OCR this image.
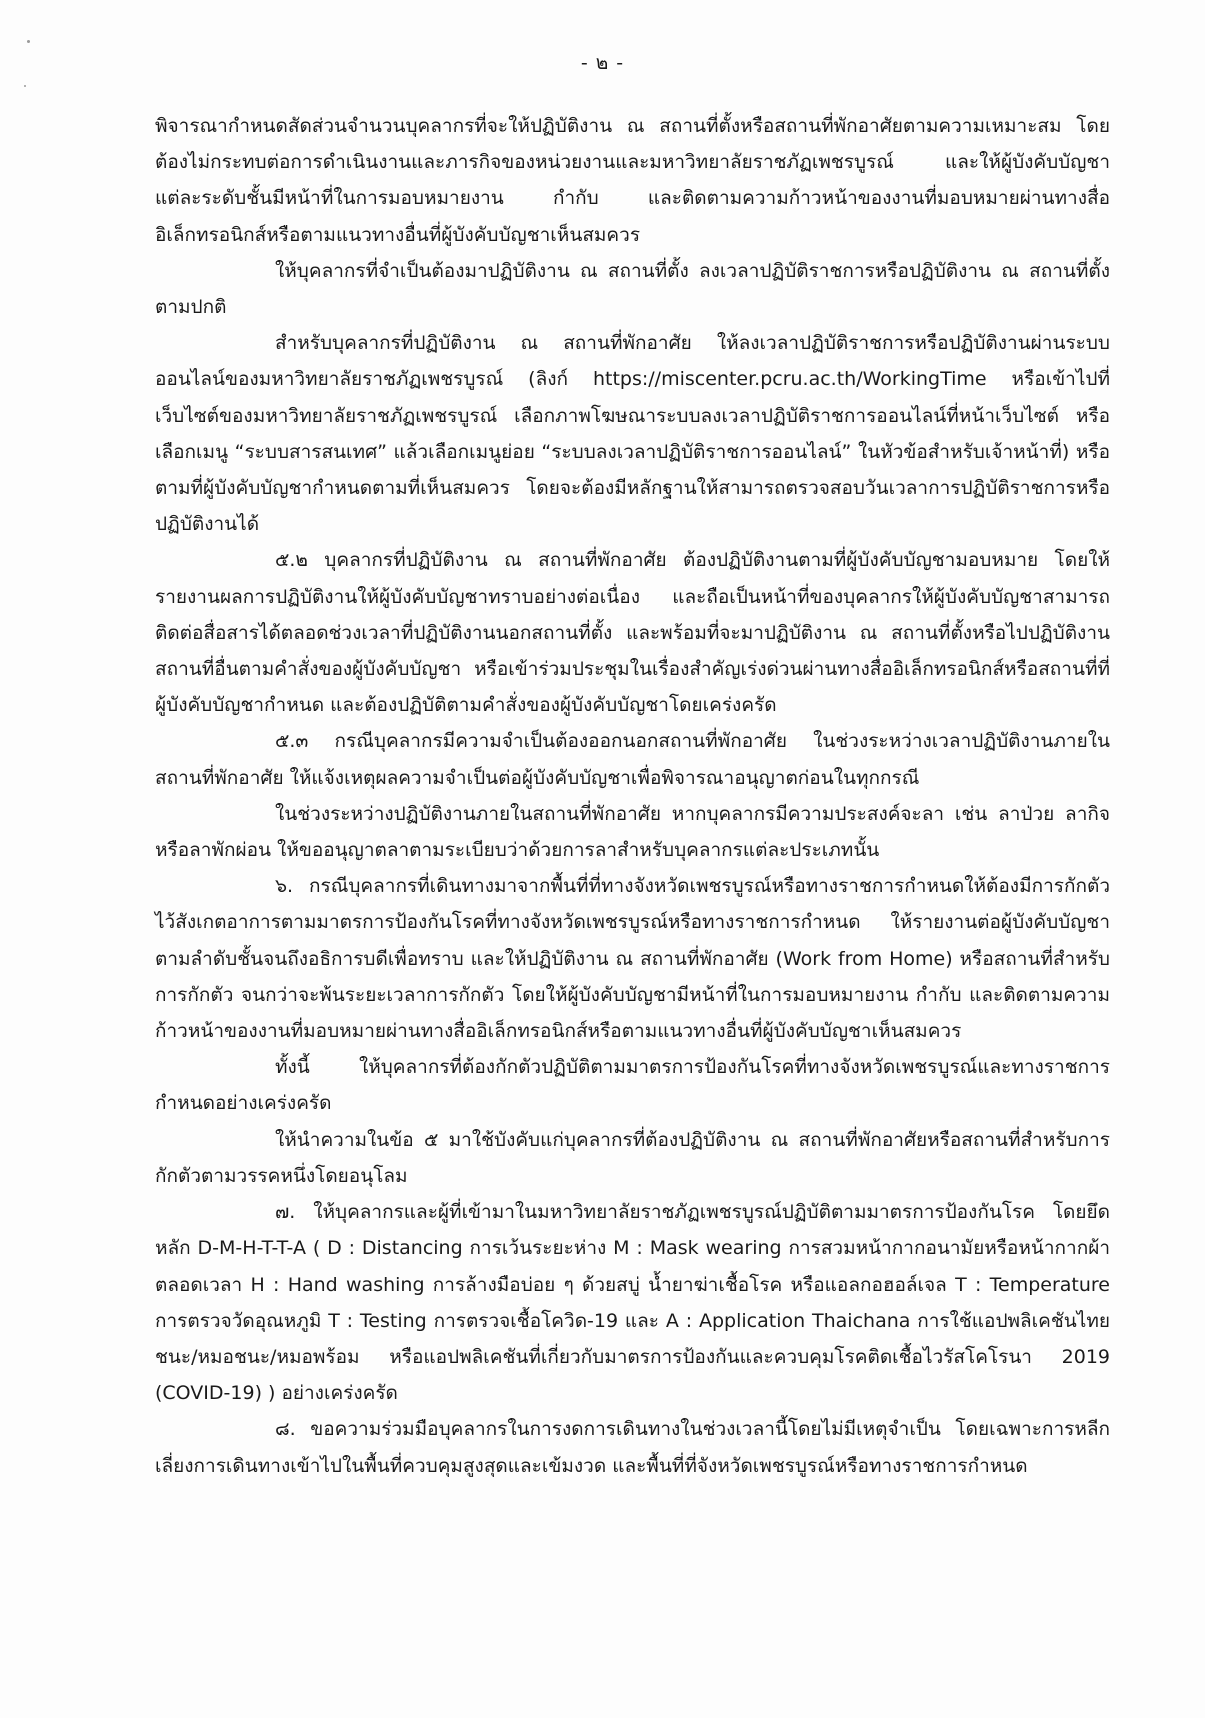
- ๒ -

พิจารณากำหนดสัดส่วนจำนวนบุคลากรที่จะให้ปฏิบัติงาน ณ สถานที่ตั้งหรือสถานที่พักอาศัยตามความเหมาะสม โดยต้องไม่กระทบต่อการดำเนินงานและภารกิจของหน่วยงานและมหาวิทยาลัยราชภัฏเพชรบูรณ์ และให้ผู้บังคับบัญชาแต่ละระดับชั้นมีหน้าที่ในการมอบหมายงาน กำกับ และติดตามความก้าวหน้าของงานที่มอบหมายผ่านทางสื่ออิเล็กทรอนิกส์หรือตามแนวทางอื่นที่ผู้บังคับบัญชาเห็นสมควร

ให้บุคลากรที่จำเป็นต้องมาปฏิบัติงาน ณ สถานที่ตั้ง ลงเวลาปฏิบัติราชการหรือปฏิบัติงาน ณ สถานที่ตั้งตามปกติ

สำหรับบุคลากรที่ปฏิบัติงาน ณ สถานที่พักอาศัย ให้ลงเวลาปฏิบัติราชการหรือปฏิบัติงานผ่านระบบออนไลน์ของมหาวิทยาลัยราชภัฏเพชรบูรณ์ (ลิงก์ https://miscenter.pcru.ac.th/WorkingTime หรือเข้าไปที่เว็บไซต์ของมหาวิทยาลัยราชภัฏเพชรบูรณ์ เลือกภาพโฆษณาระบบลงเวลาปฏิบัติราชการออนไลน์ที่หน้าเว็บไซต์ หรือเลือกเมนู “ระบบสารสนเทศ” แล้วเลือกเมนูย่อย “ระบบลงเวลาปฏิบัติราชการออนไลน์” ในหัวข้อสำหรับเจ้าหน้าที่) หรือตามที่ผู้บังคับบัญชากำหนดตามที่เห็นสมควร โดยจะต้องมีหลักฐานให้สามารถตรวจสอบวันเวลาการปฏิบัติราชการหรือปฏิบัติงานได้

๕.๒ บุคลากรที่ปฏิบัติงาน ณ สถานที่พักอาศัย ต้องปฏิบัติงานตามที่ผู้บังคับบัญชามอบหมาย โดยให้รายงานผลการปฏิบัติงานให้ผู้บังคับบัญชาทราบอย่างต่อเนื่อง และถือเป็นหน้าที่ของบุคลากรให้ผู้บังคับบัญชาสามารถติดต่อสื่อสารได้ตลอดช่วงเวลาที่ปฏิบัติงานนอกสถานที่ตั้ง และพร้อมที่จะมาปฏิบัติงาน ณ สถานที่ตั้งหรือไปปฏิบัติงานสถานที่อื่นตามคำสั่งของผู้บังคับบัญชา หรือเข้าร่วมประชุมในเรื่องสำคัญเร่งด่วนผ่านทางสื่ออิเล็กทรอนิกส์หรือสถานที่ที่ผู้บังคับบัญชากำหนด และต้องปฏิบัติตามคำสั่งของผู้บังคับบัญชาโดยเคร่งครัด

๕.๓ กรณีบุคลากรมีความจำเป็นต้องออกนอกสถานที่พักอาศัย ในช่วงระหว่างเวลาปฏิบัติงานภายในสถานที่พักอาศัย ให้แจ้งเหตุผลความจำเป็นต่อผู้บังคับบัญชาเพื่อพิจารณาอนุญาตก่อนในทุกกรณี

ในช่วงระหว่างปฏิบัติงานภายในสถานที่พักอาศัย หากบุคลากรมีความประสงค์จะลา เช่น ลาป่วย ลากิจ หรือลาพักผ่อน ให้ขออนุญาตลาตามระเบียบว่าด้วยการลาสำหรับบุคลากรแต่ละประเภทนั้น

๖. กรณีบุคลากรที่เดินทางมาจากพื้นที่ที่ทางจังหวัดเพชรบูรณ์หรือทางราชการกำหนดให้ต้องมีการกักตัวไว้สังเกตอาการตามมาตรการป้องกันโรคที่ทางจังหวัดเพชรบูรณ์หรือทางราชการกำหนด ให้รายงานต่อผู้บังคับบัญชาตามลำดับชั้นจนถึงอธิการบดีเพื่อทราบ และให้ปฏิบัติงาน ณ สถานที่พักอาศัย (Work from Home) หรือสถานที่สำหรับการกักตัว จนกว่าจะพ้นระยะเวลาการกักตัว โดยให้ผู้บังคับบัญชามีหน้าที่ในการมอบหมายงาน กำกับ และติดตามความก้าวหน้าของงานที่มอบหมายผ่านทางสื่ออิเล็กทรอนิกส์หรือตามแนวทางอื่นที่ผู้บังคับบัญชาเห็นสมควร

ทั้งนี้ ให้บุคลากรที่ต้องกักตัวปฏิบัติตามมาตรการป้องกันโรคที่ทางจังหวัดเพชรบูรณ์และทางราชการกำหนดอย่างเคร่งครัด

ให้นำความในข้อ ๕ มาใช้บังคับแก่บุคลากรที่ต้องปฏิบัติงาน ณ สถานที่พักอาศัยหรือสถานที่สำหรับการกักตัวตามวรรคหนึ่งโดยอนุโลม

๗. ให้บุคลากรและผู้ที่เข้ามาในมหาวิทยาลัยราชภัฏเพชรบูรณ์ปฏิบัติตามมาตรการป้องกันโรค โดยยึดหลัก D-M-H-T-T-A ( D : Distancing การเว้นระยะห่าง M : Mask wearing การสวมหน้ากากอนามัยหรือหน้ากากผ้าตลอดเวลา H : Hand washing การล้างมือบ่อย ๆ ด้วยสบู่ น้ำยาฆ่าเชื้อโรค หรือแอลกอฮอล์เจล T : Temperature การตรวจวัดอุณหภูมิ T : Testing การตรวจเชื้อโควิด-19 และ A : Application Thaichana การใช้แอปพลิเคชันไทยชนะ/หมอชนะ/หมอพร้อม หรือแอปพลิเคชันที่เกี่ยวกับมาตรการป้องกันและควบคุมโรคติดเชื้อไวรัสโคโรนา 2019 (COVID-19) ) อย่างเคร่งครัด

๘. ขอความร่วมมือบุคลากรในการงดการเดินทางในช่วงเวลานี้โดยไม่มีเหตุจำเป็น โดยเฉพาะการหลีกเลี่ยงการเดินทางเข้าไปในพื้นที่ควบคุมสูงสุดและเข้มงวด และพื้นที่ที่จังหวัดเพชรบูรณ์หรือทางราชการกำหนด
